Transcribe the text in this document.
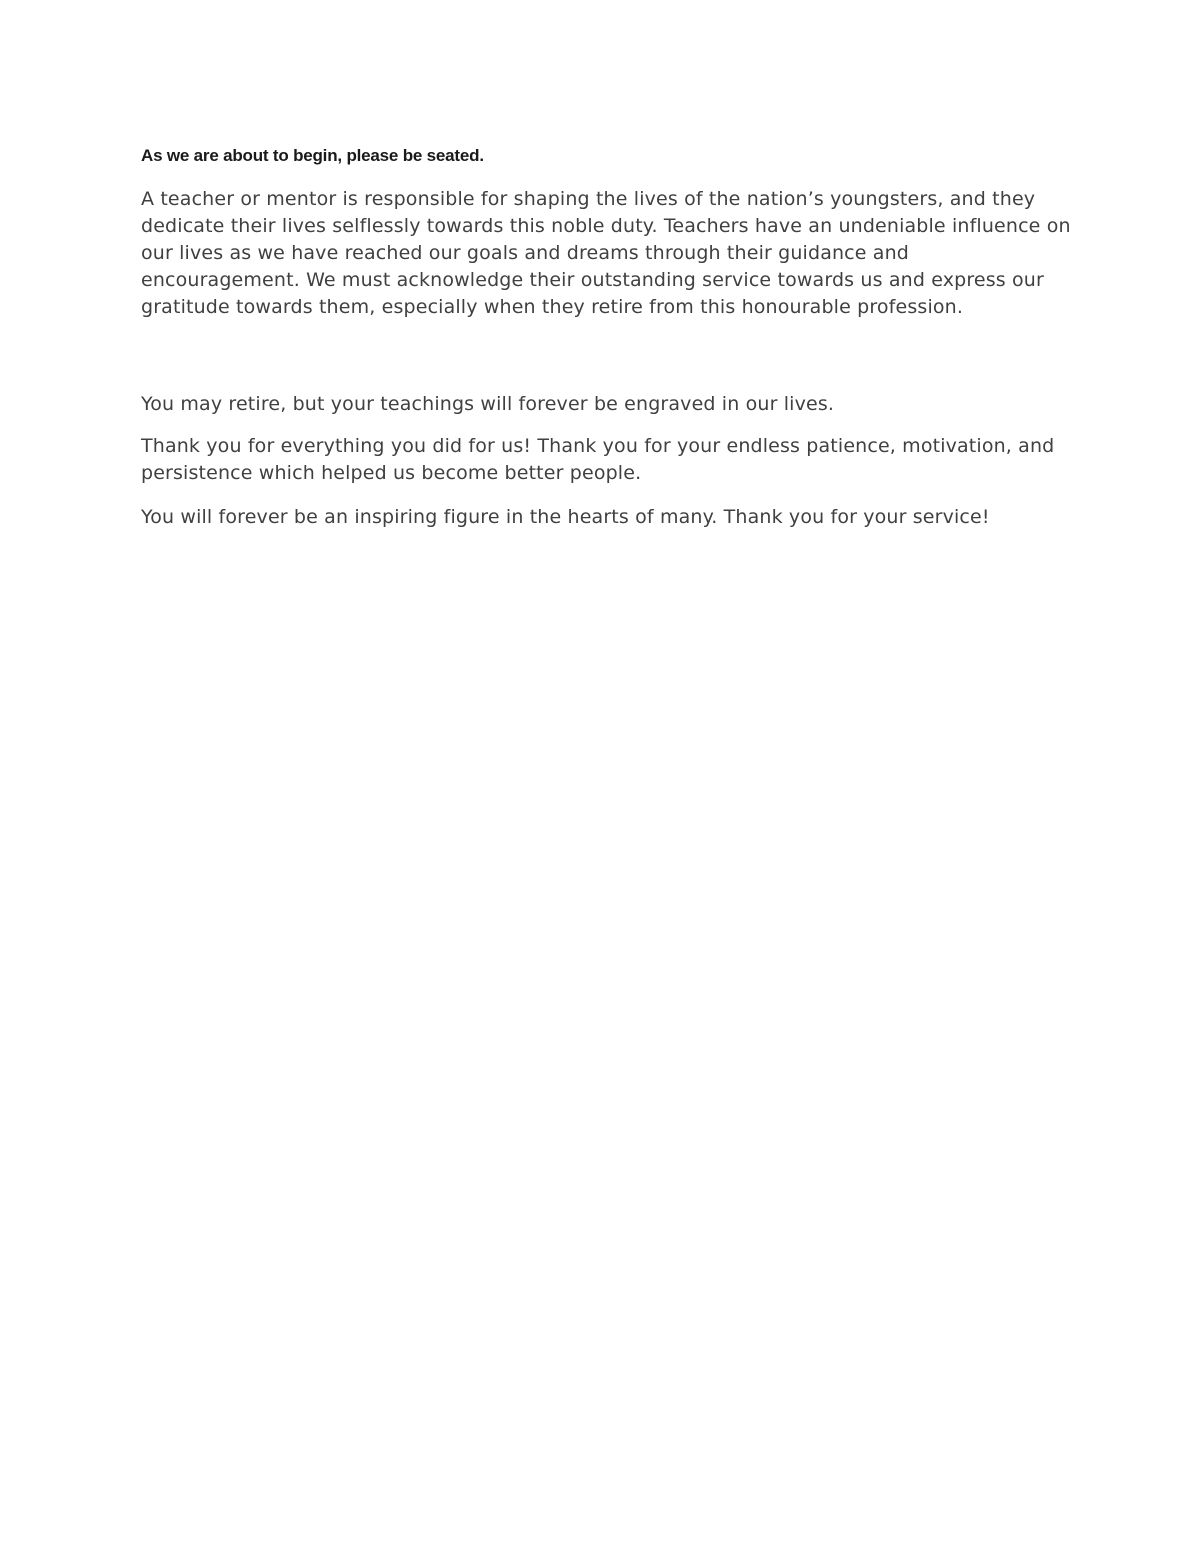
As we are about to begin, please be seated.

A teacher or mentor is responsible for shaping the lives of the nation’s youngsters, and they dedicate their lives selflessly towards this noble duty. Teachers have an undeniable influence on our lives as we have reached our goals and dreams through their guidance and encouragement. We must acknowledge their outstanding service towards us and express our gratitude towards them, especially when they retire from this honourable profession.

You may retire, but your teachings will forever be engraved in our lives.

Thank you for everything you did for us! Thank you for your endless patience, motivation, and persistence which helped us become better people.

You will forever be an inspiring figure in the hearts of many. Thank you for your service!
